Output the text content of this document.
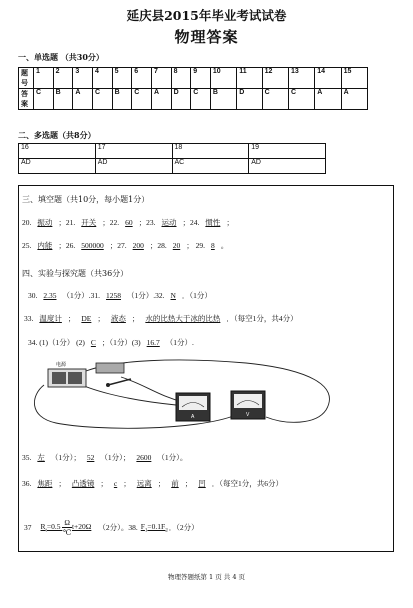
延庆县2015年毕业考试试卷
物理答案
一、单选题 （共30分）
题号	1	2	3	4	5	6	7	8	9	10	11	12	13	14	15
答案	C	B	A	C	B	C	A	D	C	B	D	C	C	A	A
二、多选题（共8分）
16	17	18	19
AD	AD	AC	AD
三、填空题（共10分，每小题1分）
20. 振动 ；21. 开关 ；22. 60 ；23. 运动 ；24. 惯性 ；
25. 内能 ；26. 500000 ；27. 200 ；28. 20 ； 29. 8 。
四、实验与探究题（共36分）
30. 2.35 （1分）.31. 1258 （1分）.32. N ．（1分）
33. 温度计 ； DE ； 液态 ； 水的比热大于冰的比热 ．（每空1分，共4分）
34. (1)（1分） (2) C ；（1分）(3) 16.7 （1分）.
电源
A	V
35. 左 （1分）； 52 （1分）； 2600 （1分）。
36. 焦距 ； 凸透镜 ； c ； 远离 ； 前 ； 凹 ．（每空1分，共6分）
37 $R_t=0.5$ Ω
℃
t+20Ω （2分）。38. $F_1=0.1F_2$ ．（2分）
物理答题纸第 1 页 共 4 页
